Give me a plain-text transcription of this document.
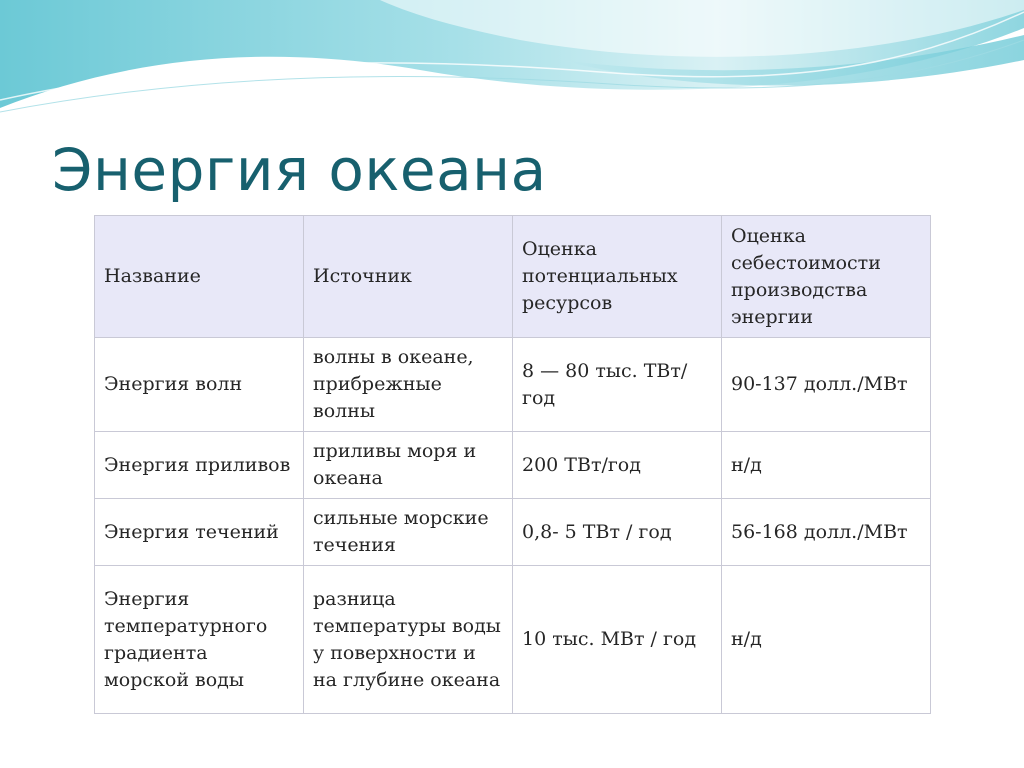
Энергия океана
Название	Источник	Оценка потенциальных ресурсов	Оценка себестоимости производства энергии
Энергия волн	волны в океане, прибрежные волны	8 — 80 тыс. ТВт/год	90-137 долл./МВт
Энергия приливов	приливы моря и океана	200 ТВт/год	н/д
Энергия течений	сильные морские течения	0,8- 5 ТВт / год	56-168 долл./МВт
Энергия температурного градиента морской воды	разница температуры воды у поверхности и на глубине океана	10 тыс. МВт / год	н/д
